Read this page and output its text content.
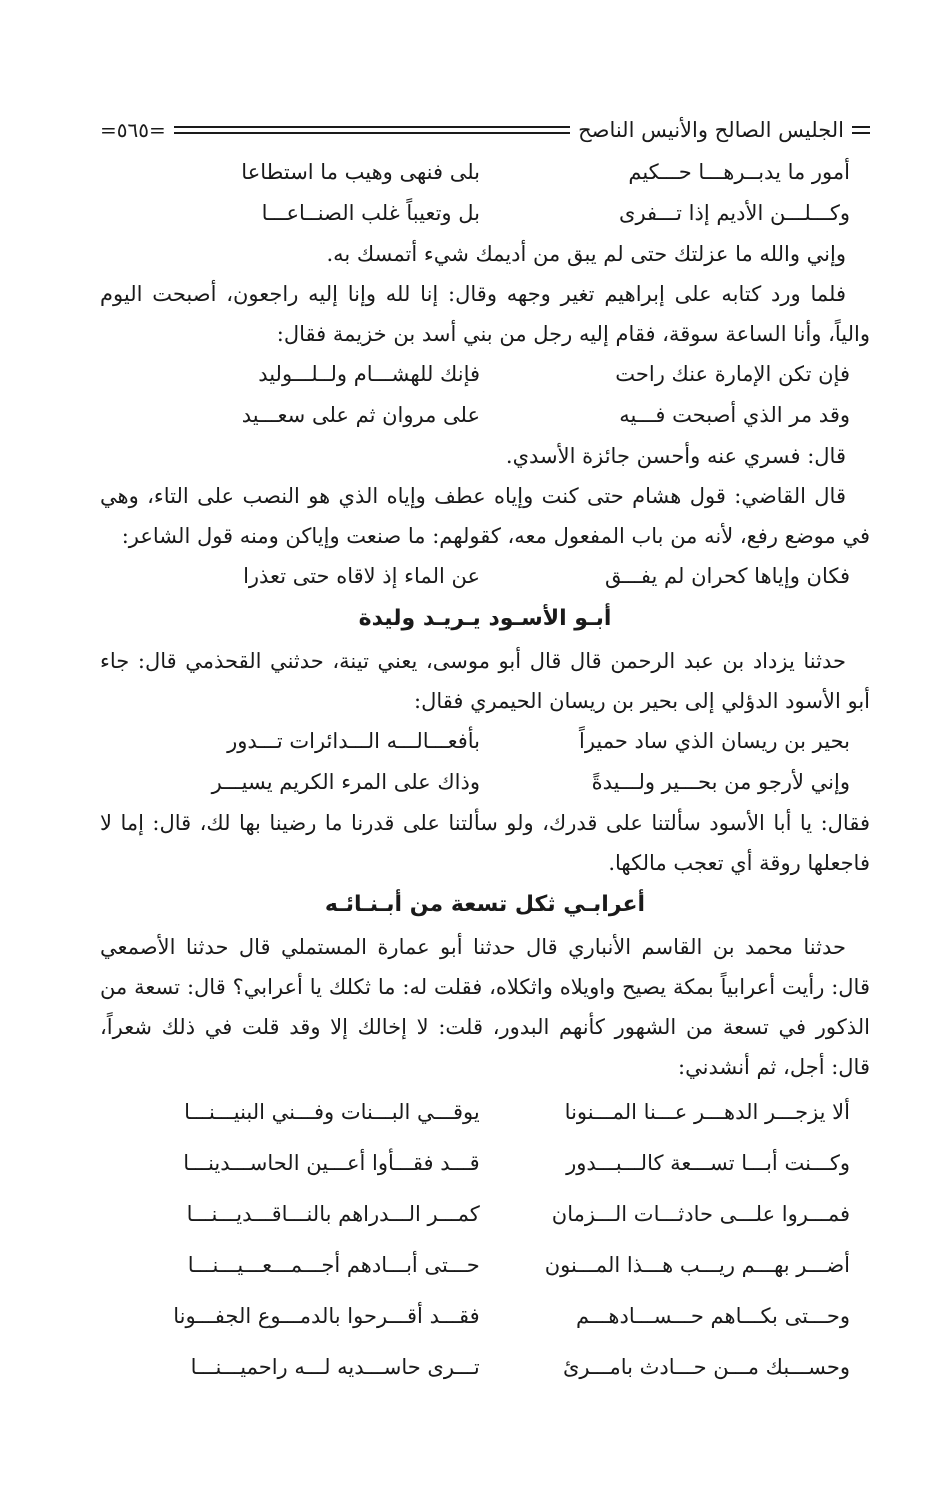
الجليس الصالح والأنيس الناصح
=٥٦٥=
أمور ما يدبــرهـــا حـــكيم
بلى فنهى وهيب ما استطاعا
وكـــلـــن الأديم إذا تـــفرى
بل وتعيباً غلب الصنــاعـــا

وإني والله ما عزلتك حتى لم يبق من أديمك شيء أتمسك به.

فلما ورد كتابه على إبراهيم تغير وجهه وقال: إنا لله وإنا إليه راجعون، أصبحت اليوم والياً، وأنا الساعة سوقة، فقام إليه رجل من بني أسد بن خزيمة فقال:

فإن تكن الإمارة عنك راحت
فإنك للهشـــام ولــلـــوليد
وقد مر الذي أصبحت فـــيه
على مروان ثم على سعـــيد

قال: فسري عنه وأحسن جائزة الأسدي.

قال القاضي: قول هشام حتى كنت وإياه عطف وإياه الذي هو النصب على التاء، وهي في موضع رفع، لأنه من باب المفعول معه، كقولهم: ما صنعت وإياكن ومنه قول الشاعر:

فكان وإياها كحران لم يفـــق
عن الماء إذ لاقاه حتى تعذرا
أبـو الأسـود يـريـد وليدة

حدثنا يزداد بن عبد الرحمن قال قال أبو موسى، يعني تينة، حدثني القحذمي قال: جاء أبو الأسود الدؤلي إلى بحير بن ريسان الحيمري فقال:

بحير بن ريسان الذي ساد حميراً
بأفعـــالـــه الـــدائرات تـــدور
وإني لأرجو من بحـــير ولـــيدةً
وذاك على المرء الكريم يسيـــر

فقال: يا أبا الأسود سألتنا على قدرك، ولو سألتنا على قدرنا ما رضينا بها لك، قال: إما لا فاجعلها روقة أي تعجب مالكها.

أعرابـي ثكل تسعة من أبـنـائـه

حدثنا محمد بن القاسم الأنباري قال حدثنا أبو عمارة المستملي قال حدثنا الأصمعي قال: رأيت أعرابياً بمكة يصيح واويلاه واثكلاه، فقلت له: ما ثكلك يا أعرابي؟ قال: تسعة من الذكور في تسعة من الشهور كأنهم البدور، قلت: لا إخالك إلا وقد قلت في ذلك شعراً، قال: أجل، ثم أنشدني:

ألا يزجـــر الدهـــر عـــنا المـــنونا
يوقـــي البـــنات وفـــني البنيـــنـــا
وكـــنت أبـــا تســـعة كالـــبـــدور
قـــد فقـــأوا أعـــين الحاســـدينـــا
فمـــروا علـــى حادثـــات الـــزمان
كمـــر الـــدراهم بالنـــاقـــديـــنـــا
أضـــر بهـــم ريـــب هـــذا المـــنون
حـــتى أبـــادهم أجـــمـــعـــيـــنـــا
وحـــتى بكـــاهم حـــســـادهـــم
فقـــد أقـــرحوا بالدمـــوع الجفـــونا
وحســـبك مـــن حـــادث بامـــرئ
تـــرى حاســـديه لـــه راحميـــنـــا
